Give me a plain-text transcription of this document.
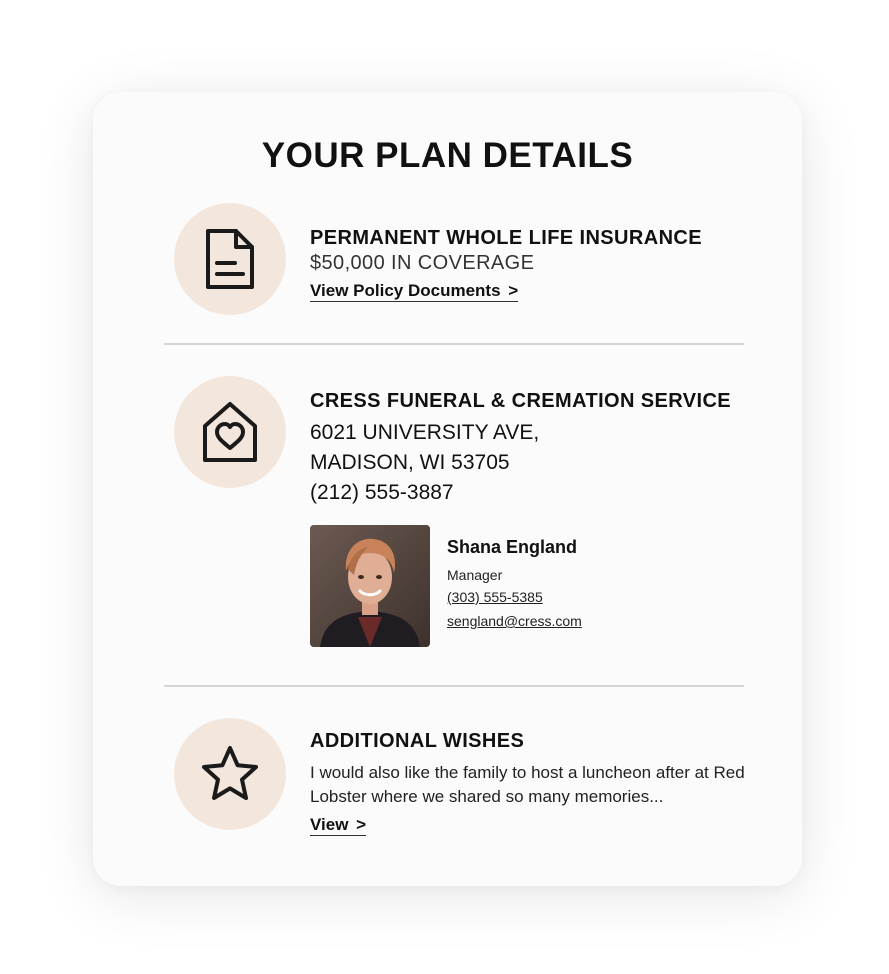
YOUR PLAN DETAILS
PERMANENT WHOLE LIFE INSURANCE
$50,000 IN COVERAGE
View Policy Documents >
CRESS FUNERAL & CREMATION SERVICE
6021 UNIVERSITY AVE,
MADISON, WI 53705
(212) 555-3887
Shana England
Manager
(303) 555-5385
sengland@cress.com
ADDITIONAL WISHES
I would also like the family to host a luncheon after at Red Lobster where we shared so many memories...
View >
